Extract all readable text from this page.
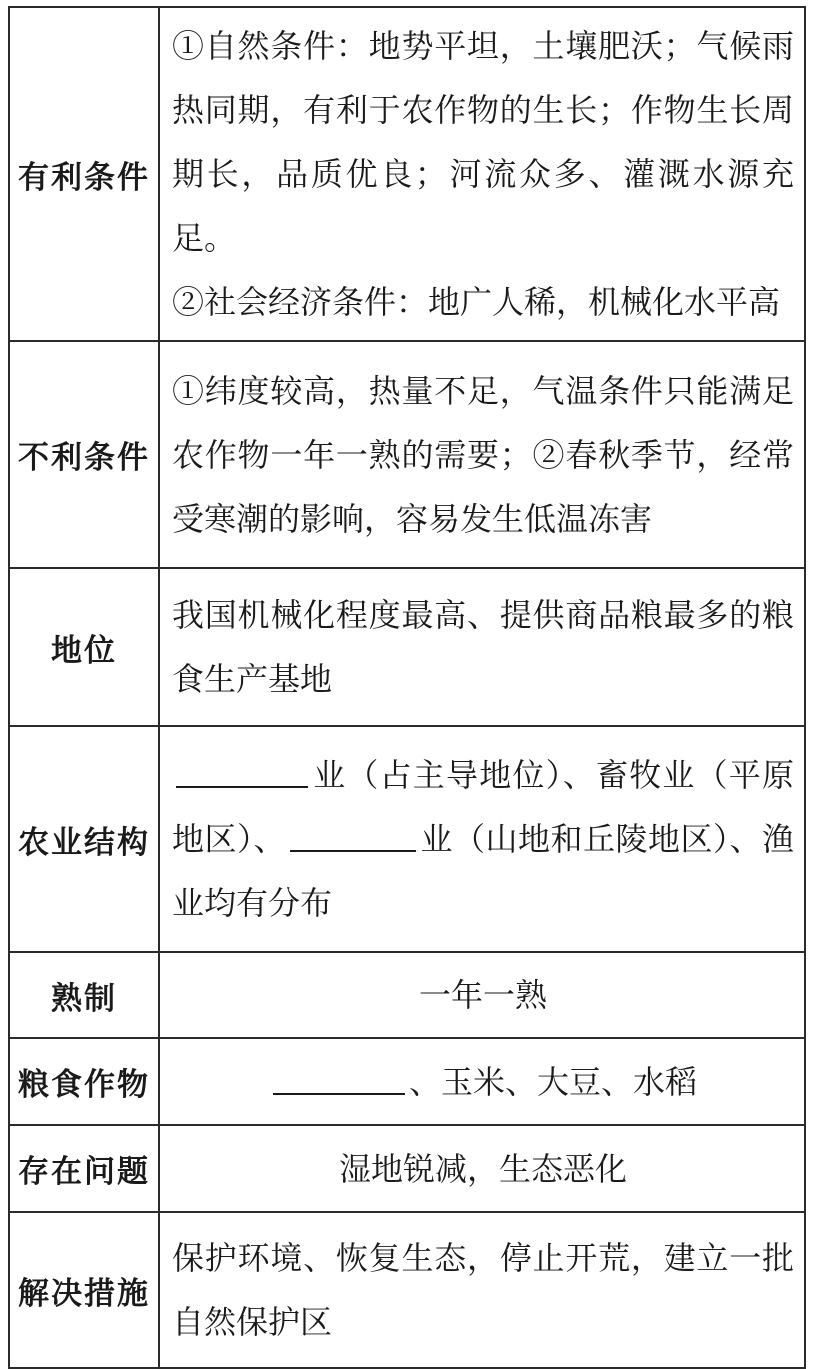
有利条件	①自然条件：地势平坦，土壤肥沃；气候雨热同期，有利于农作物的生长；作物生长周期长，品质优良；河流众多、灌溉水源充足。
②社会经济条件：地广人稀，机械化水平高

不利条件	①纬度较高，热量不足，气温条件只能满足农作物一年一熟的需要；②春秋季节，经常受寒潮的影响，容易发生低温冻害
地位	我国机械化程度最高、提供商品粮最多的粮食生产基地
农业结构	业（占主导地位）、畜牧业（平原地区）、 业（山地和丘陵地区）、渔业均有分布
熟制	一年一熟
粮食作物	、玉米、大豆、水稻
存在问题	湿地锐减，生态恶化
解决措施	保护环境、恢复生态，停止开荒，建立一批自然保护区
